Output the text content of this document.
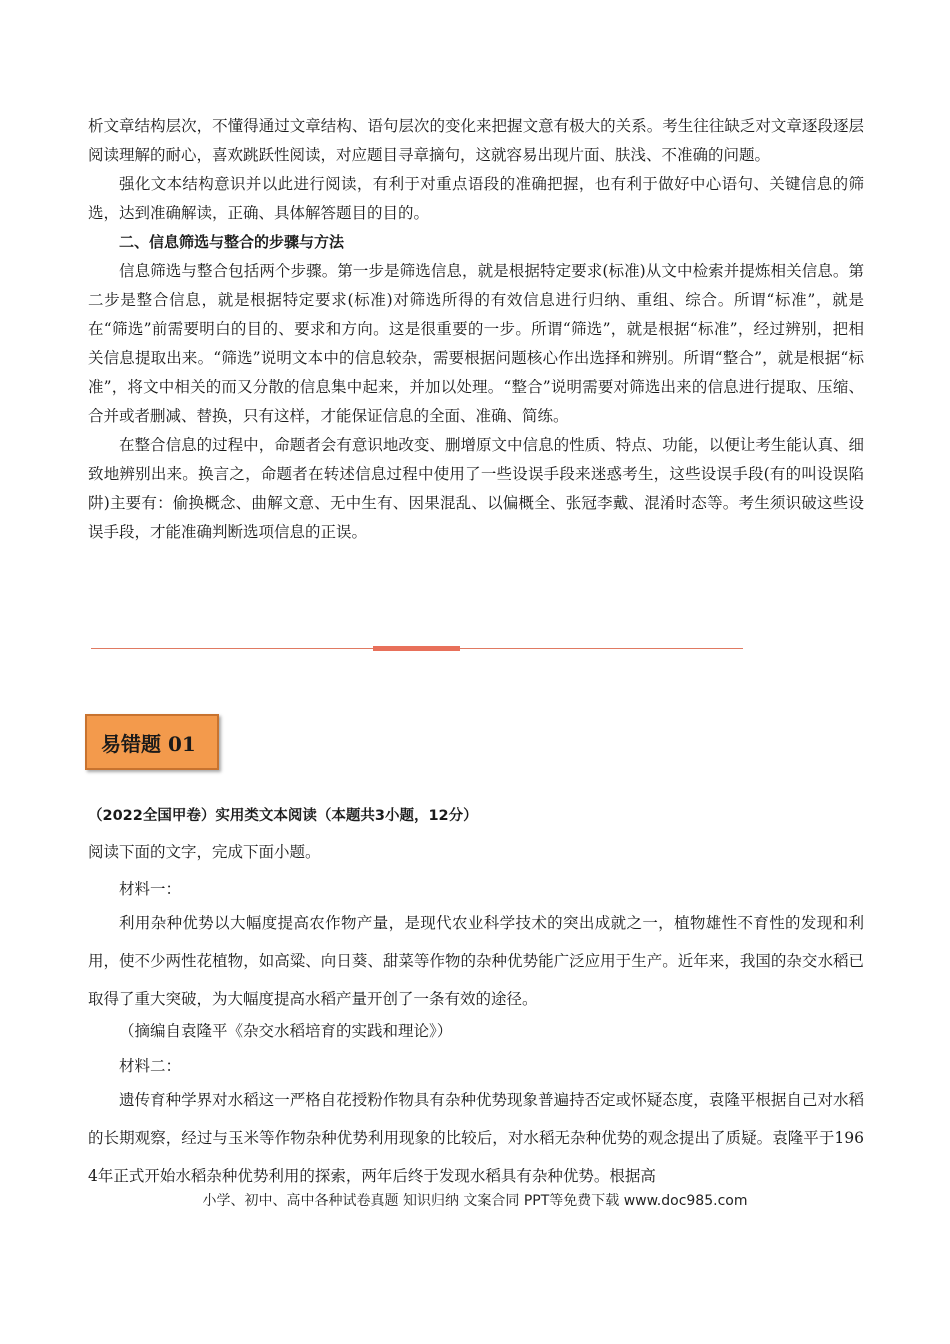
析文章结构层次，不懂得通过文章结构、语句层次的变化来把握文意有极大的关系。考生往往缺乏对文章逐段逐层阅读理解的耐心，喜欢跳跃性阅读，对应题目寻章摘句，这就容易出现片面、肤浅、不准确的问题。

强化文本结构意识并以此进行阅读，有利于对重点语段的准确把握，也有利于做好中心语句、关键信息的筛选，达到准确解读，正确、具体解答题目的目的。

二、信息筛选与整合的步骤与方法

信息筛选与整合包括两个步骤。第一步是筛选信息，就是根据特定要求(标准)从文中检索并提炼相关信息。第二步是整合信息，就是根据特定要求(标准)对筛选所得的有效信息进行归纳、重组、综合。所谓“标准”，就是在“筛选”前需要明白的目的、要求和方向。这是很重要的一步。所谓“筛选”，就是根据“标准”，经过辨别，把相关信息提取出来。“筛选”说明文本中的信息较杂，需要根据问题核心作出选择和辨别。所谓“整合”，就是根据“标准”，将文中相关的而又分散的信息集中起来，并加以处理。“整合”说明需要对筛选出来的信息进行提取、压缩、合并或者删减、替换，只有这样，才能保证信息的全面、准确、简练。

在整合信息的过程中，命题者会有意识地改变、删增原文中信息的性质、特点、功能，以便让考生能认真、细致地辨别出来。换言之，命题者在转述信息过程中使用了一些设误手段来迷惑考生，这些设误手段(有的叫设误陷阱)主要有：偷换概念、曲解文意、无中生有、因果混乱、以偏概全、张冠李戴、混淆时态等。考生须识破这些设误手段，才能准确判断选项信息的正误。

易错题 01

（2022全国甲卷）实用类文本阅读（本题共3小题，12分）

阅读下面的文字，完成下面小题。

材料一：

利用杂种优势以大幅度提高农作物产量，是现代农业科学技术的突出成就之一，植物雄性不育性的发现和利用，使不少两性花植物，如高粱、向日葵、甜菜等作物的杂种优势能广泛应用于生产。近年来，我国的杂交水稻已取得了重大突破，为大幅度提高水稻产量开创了一条有效的途径。

（摘编自袁隆平《杂交水稻培育的实践和理论》）

材料二：

遗传育种学界对水稻这一严格自花授粉作物具有杂种优势现象普遍持否定或怀疑态度，袁隆平根据自己对水稻的长期观察，经过与玉米等作物杂种优势利用现象的比较后，对水稻无杂种优势的观念提出了质疑。袁隆平于1964年正式开始水稻杂种优势利用的探索，两年后终于发现水稻具有杂种优势。根据高

小学、初中、高中各种试卷真题 知识归纳 文案合同 PPT等免费下载 www.doc985.com
